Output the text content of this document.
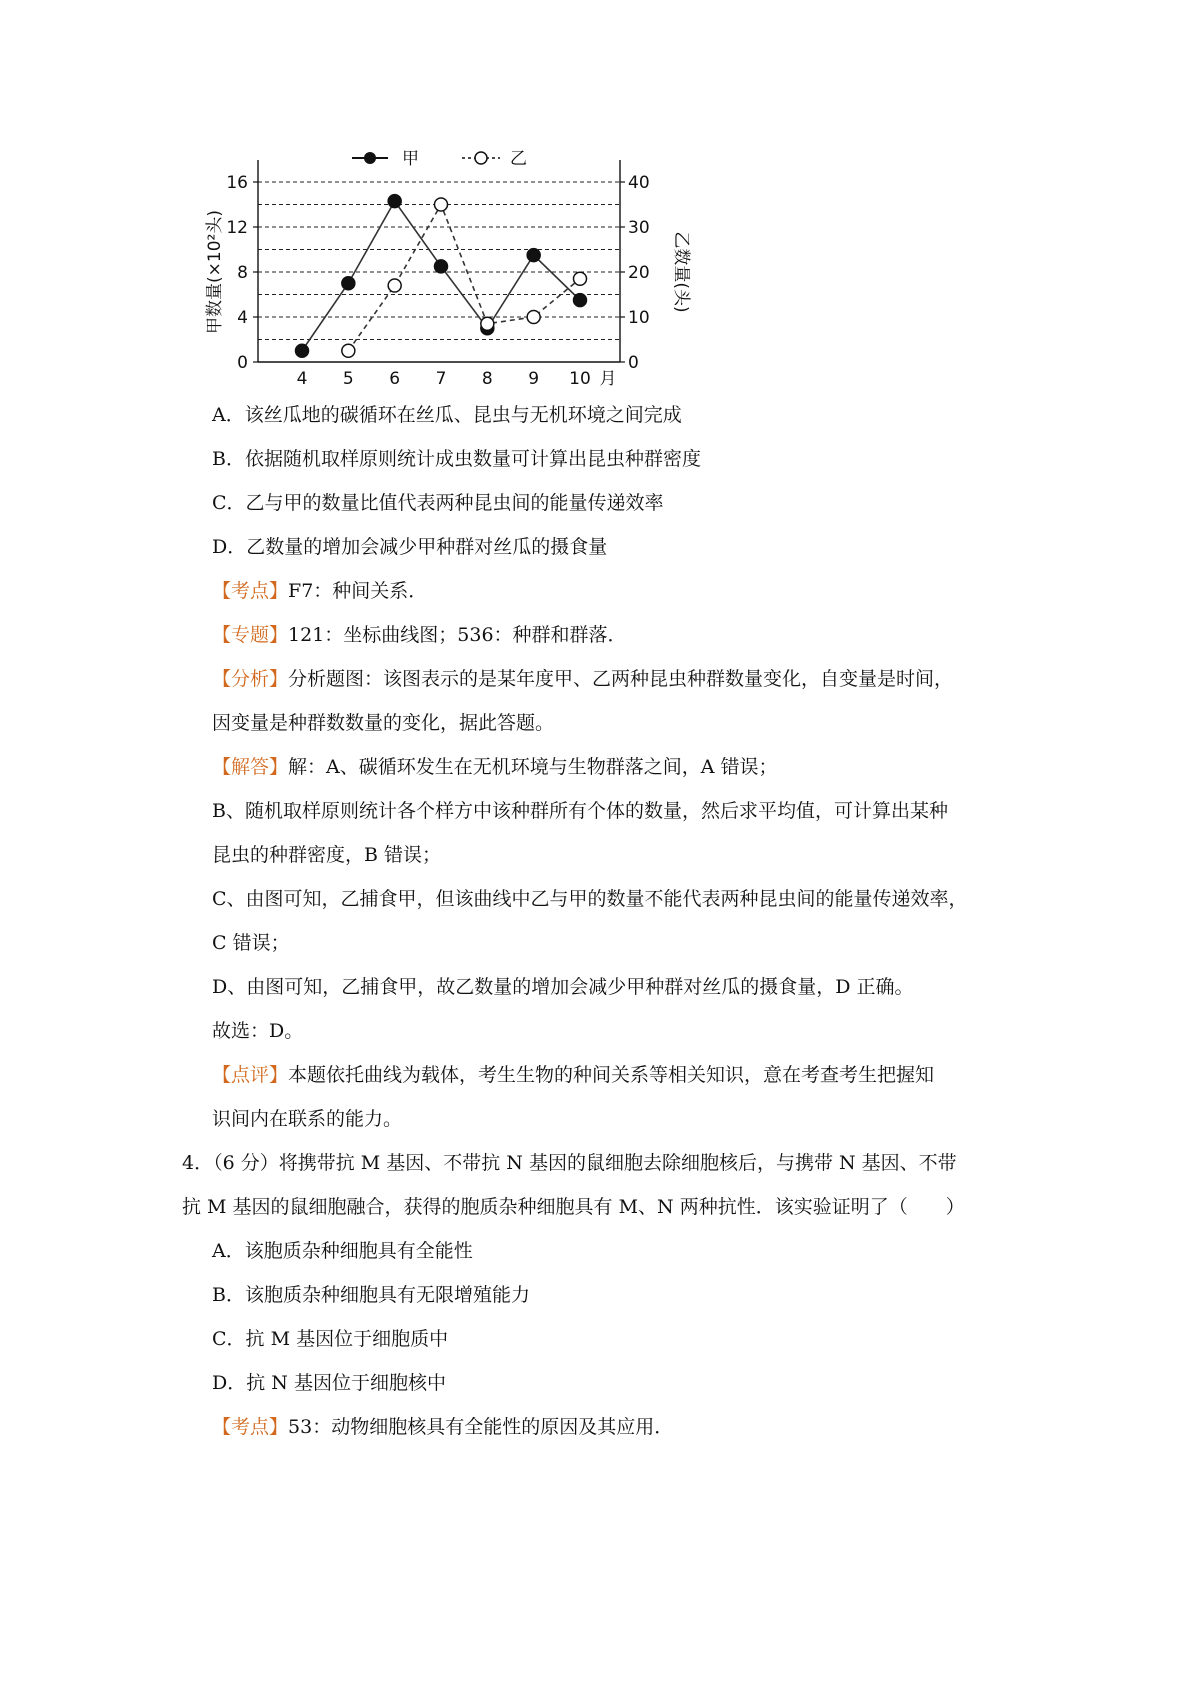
0
4
8
12
16
0
10
20
30
40
4 5 6 7 8 9 10 月
甲数量(×10²头)	乙数量(头)
甲	乙
A．该丝瓜地的碳循环在丝瓜、昆虫与无机环境之间完成
B．依据随机取样原则统计成虫数量可计算出昆虫种群密度
C．乙与甲的数量比值代表两种昆虫间的能量传递效率
D．乙数量的增加会减少甲种群对丝瓜的摄食量
【考点】F7：种间关系．
【专题】121：坐标曲线图；536：种群和群落．
【分析】分析题图：该图表示的是某年度甲、乙两种昆虫种群数量变化，自变量是时间，
因变量是种群数数量的变化，据此答题。
【解答】解：A、碳循环发生在无机环境与生物群落之间，A 错误；
B、随机取样原则统计各个样方中该种群所有个体的数量，然后求平均值，可计算出某种
昆虫的种群密度，B 错误；
C、由图可知，乙捕食甲，但该曲线中乙与甲的数量不能代表两种昆虫间的能量传递效率，
C 错误；
D、由图可知，乙捕食甲，故乙数量的增加会减少甲种群对丝瓜的摄食量，D 正确。
故选：D。
【点评】本题依托曲线为载体，考生生物的种间关系等相关知识，意在考查考生把握知
识间内在联系的能力。
4．（6 分）将携带抗 M 基因、不带抗 N 基因的鼠细胞去除细胞核后，与携带 N 基因、不带
抗 M 基因的鼠细胞融合，获得的胞质杂种细胞具有 M、N 两种抗性．该实验证明了（　　）
A．该胞质杂种细胞具有全能性
B．该胞质杂种细胞具有无限增殖能力
C．抗 M 基因位于细胞质中
D．抗 N 基因位于细胞核中
【考点】53：动物细胞核具有全能性的原因及其应用．
